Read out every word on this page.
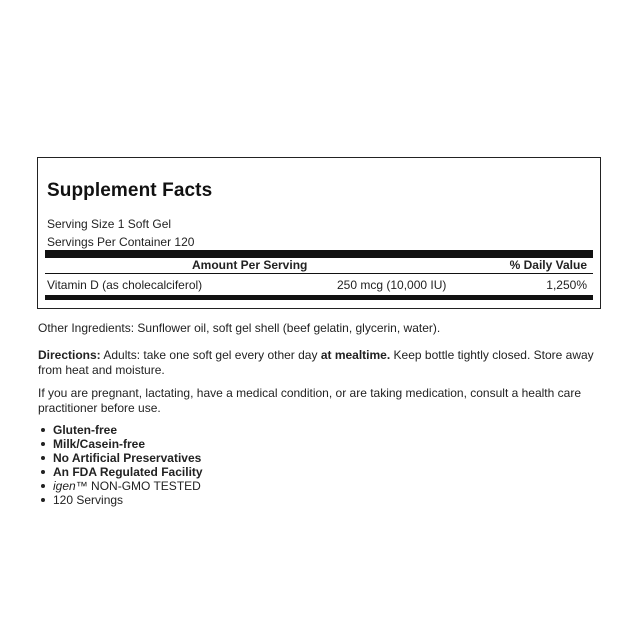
Supplement Facts
Serving Size 1 Soft Gel
Servings Per Container 120
Amount Per Serving	% Daily Value
Vitamin D (as cholecalciferol)	250 mcg (10,000 IU)	1,250%
Other Ingredients: Sunflower oil, soft gel shell (beef gelatin, glycerin, water).
Directions: Adults: take one soft gel every other day at mealtime. Keep bottle tightly closed. Store away from heat and moisture.
If you are pregnant, lactating, have a medical condition, or are taking medication, consult a health care practitioner before use.
Gluten-free
Milk/Casein-free
No Artificial Preservatives
An FDA Regulated Facility
igen™ NON-GMO TESTED
120 Servings
